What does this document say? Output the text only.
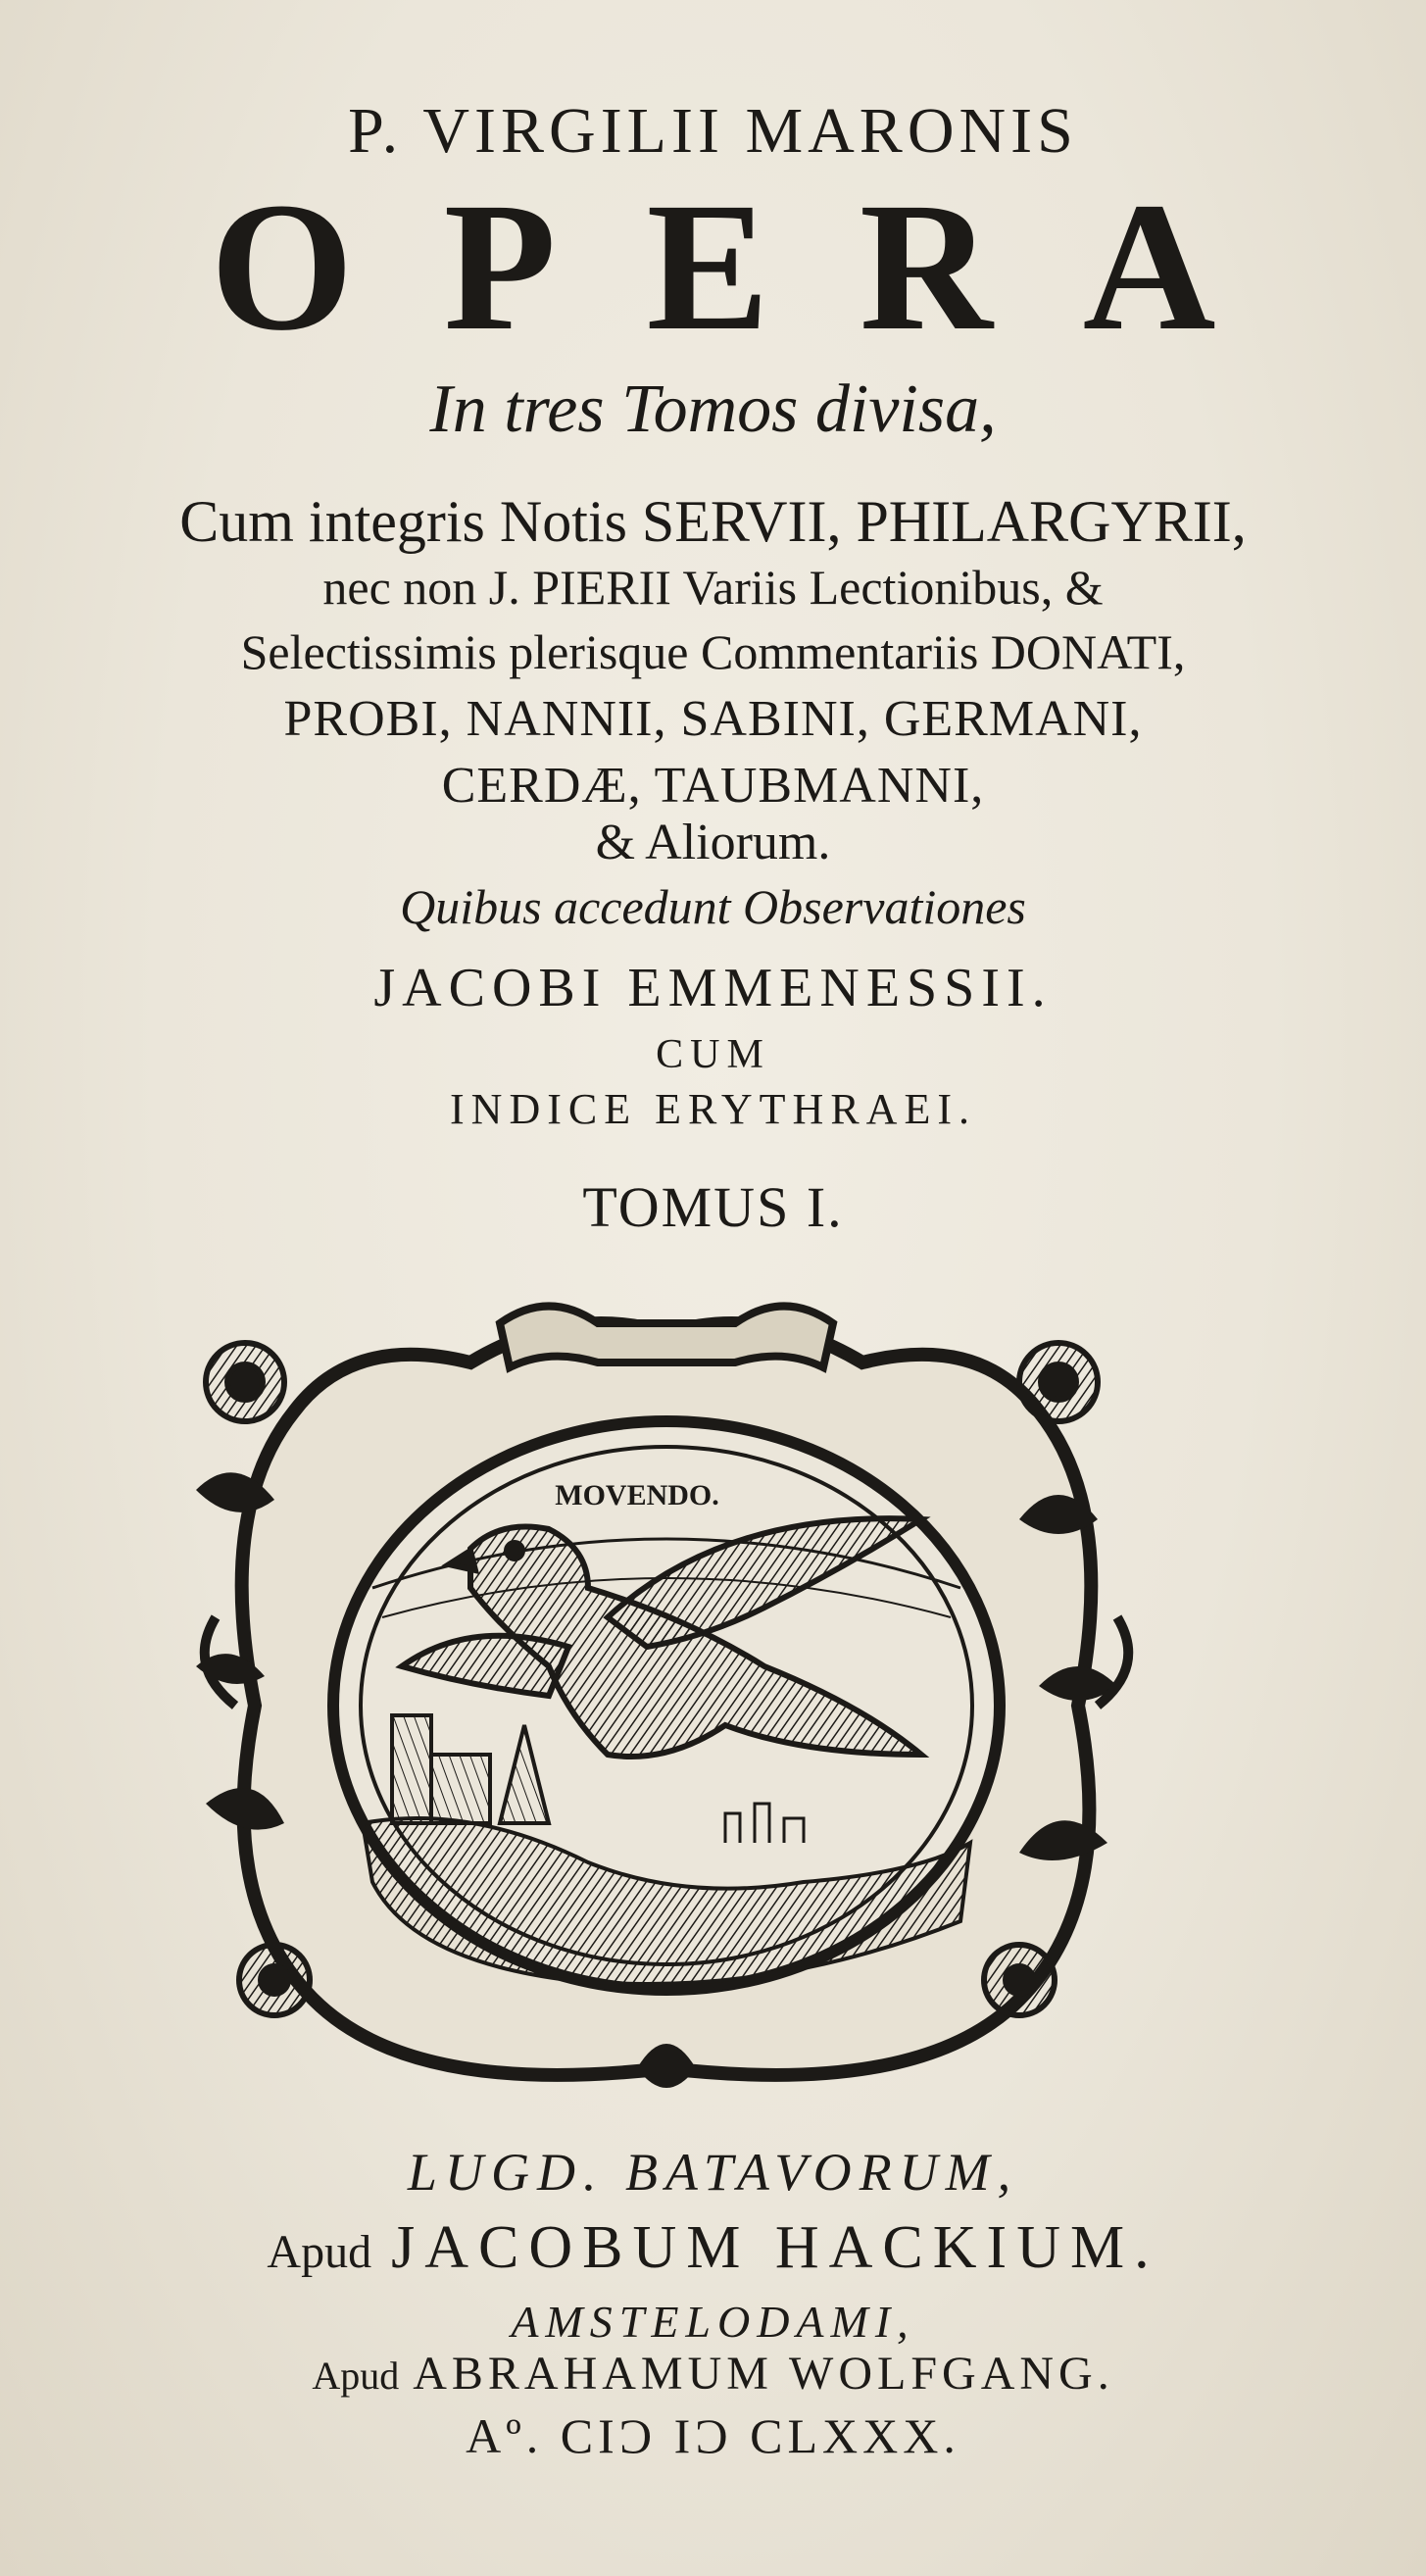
P. VIRGILII MARONIS
OPERA
In tres Tomos divisa,
Cum integris Notis SERVII, PHILARGYRII,
nec non J. PIERII Variis Lectionibus, &
Selectissimis plerisque Commentariis DONATI,
PROBI, NANNII, SABINI, GERMANI,
CERDÆ, TAUBMANNI,
& Aliorum.
Quibus accedunt Observationes
JACOBI EMMENESSII.
CUM
INDICE ERYTHRAEI.
TOMUS I.
MOVENDO.
LUGD. BATAVORUM,
Apud JACOBUM HACKIUM.
AMSTELODAMI,
Apud ABRAHAMUM WOLFGANG.
Aº. CIƆ IƆ CLXXX.
